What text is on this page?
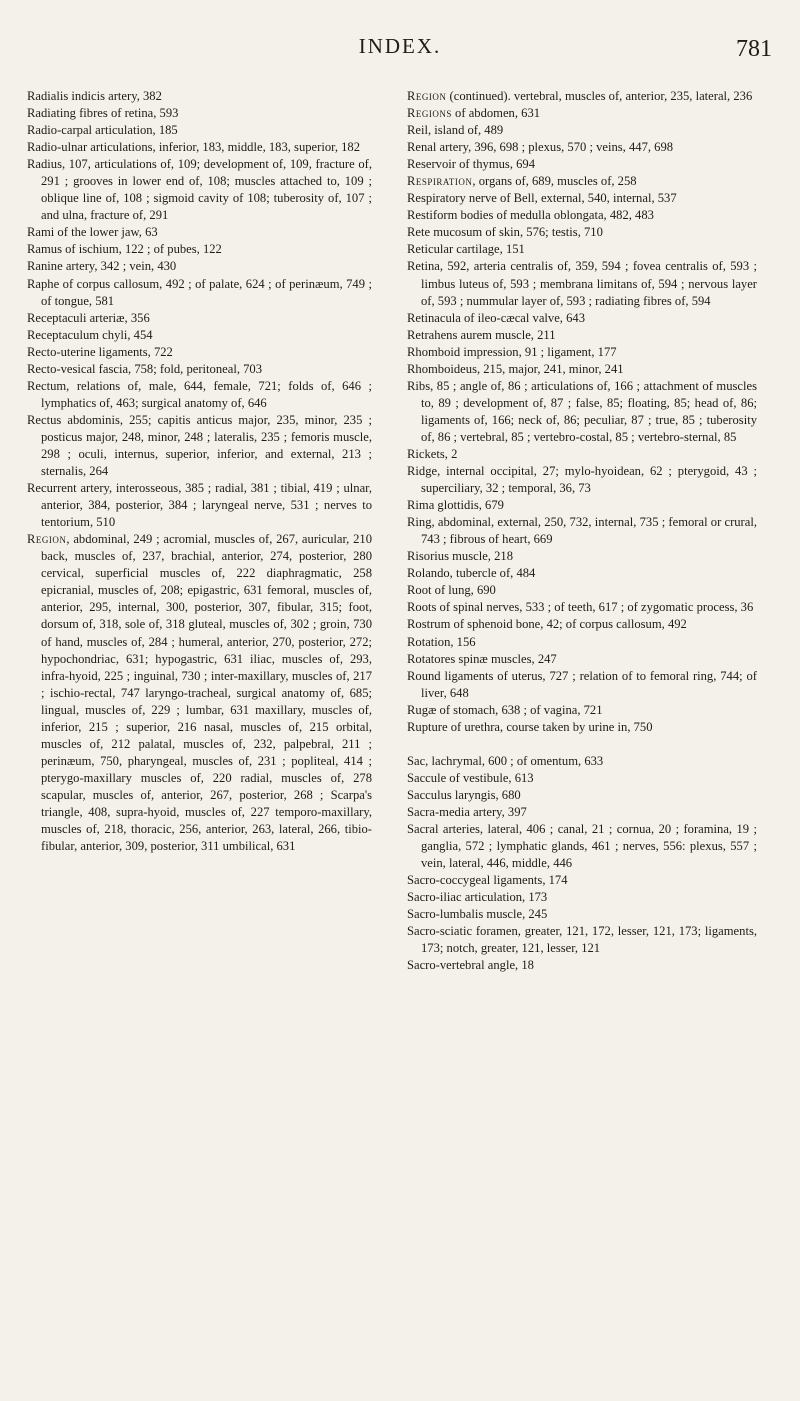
INDEX.	781

Radialis indicis artery, 382

Radiating fibres of retina, 593

Radio-carpal articulation, 185

Radio-ulnar articulations, inferior, 183, middle, 183, superior, 182

Radius, 107, articulations of, 109; development of, 109, fracture of, 291 ; grooves in lower end of, 108; muscles attached to, 109 ; oblique line of, 108 ; sigmoid cavity of 108; tuberosity of, 107 ; and ulna, fracture of, 291

Rami of the lower jaw, 63

Ramus of ischium, 122 ; of pubes, 122

Ranine artery, 342 ; vein, 430

Raphe of corpus callosum, 492 ; of palate, 624 ; of perinæum, 749 ; of tongue, 581

Receptaculi arteriæ, 356

Receptaculum chyli, 454

Recto-uterine ligaments, 722

Recto-vesical fascia, 758; fold, peritoneal, 703

Rectum, relations of, male, 644, female, 721; folds of, 646 ; lymphatics of, 463; surgical anatomy of, 646

Rectus abdominis, 255; capitis anticus major, 235, minor, 235 ; posticus major, 248, minor, 248 ; lateralis, 235 ; femoris muscle, 298 ; oculi, internus, superior, inferior, and external, 213 ; sternalis, 264

Recurrent artery, interosseous, 385 ; radial, 381 ; tibial, 419 ; ulnar, anterior, 384, posterior, 384 ; laryngeal nerve, 531 ; nerves to tentorium, 510

Region, abdominal, 249 ; acromial, muscles of, 267, auricular, 210 back, muscles of, 237, brachial, anterior, 274, posterior, 280 cervical, superficial muscles of, 222 diaphragmatic, 258 epicranial, muscles of, 208; epigastric, 631 femoral, muscles of, anterior, 295, internal, 300, posterior, 307, fibular, 315; foot, dorsum of, 318, sole of, 318 gluteal, muscles of, 302 ; groin, 730 of hand, muscles of, 284 ; humeral, anterior, 270, posterior, 272; hypochondriac, 631; hypogastric, 631 iliac, muscles of, 293, infra-hyoid, 225 ; inguinal, 730 ; inter-maxillary, muscles of, 217 ; ischio-rectal, 747 laryngo-tracheal, surgical anatomy of, 685; lingual, muscles of, 229 ; lumbar, 631 maxillary, muscles of, inferior, 215 ; superior, 216 nasal, muscles of, 215 orbital, muscles of, 212 palatal, muscles of, 232, palpebral, 211 ; perinæum, 750, pharyngeal, muscles of, 231 ; popliteal, 414 ; pterygo-maxillary muscles of, 220 radial, muscles of, 278 scapular, muscles of, anterior, 267, posterior, 268 ; Scarpa's triangle, 408, supra-hyoid, muscles of, 227 temporo-maxillary, muscles of, 218, thoracic, 256, anterior, 263, lateral, 266, tibio-fibular, anterior, 309, posterior, 311 umbilical, 631

Region (continued). vertebral, muscles of, anterior, 235, lateral, 236

Regions of abdomen, 631

Reil, island of, 489

Renal artery, 396, 698 ; plexus, 570 ; veins, 447, 698

Reservoir of thymus, 694

Respiration, organs of, 689, muscles of, 258

Respiratory nerve of Bell, external, 540, internal, 537

Restiform bodies of medulla oblongata, 482, 483

Rete mucosum of skin, 576; testis, 710

Reticular cartilage, 151

Retina, 592, arteria centralis of, 359, 594 ; fovea centralis of, 593 ; limbus luteus of, 593 ; membrana limitans of, 594 ; nervous layer of, 593 ; nummular layer of, 593 ; radiating fibres of, 594

Retinacula of ileo-cæcal valve, 643

Retrahens aurem muscle, 211

Rhomboid impression, 91 ; ligament, 177

Rhomboideus, 215, major, 241, minor, 241

Ribs, 85 ; angle of, 86 ; articulations of, 166 ; attachment of muscles to, 89 ; development of, 87 ; false, 85; floating, 85; head of, 86; ligaments of, 166; neck of, 86; peculiar, 87 ; true, 85 ; tuberosity of, 86 ; vertebral, 85 ; vertebro-costal, 85 ; vertebro-sternal, 85

Rickets, 2

Ridge, internal occipital, 27; mylo-hyoidean, 62 ; pterygoid, 43 ; superciliary, 32 ; temporal, 36, 73

Rima glottidis, 679

Ring, abdominal, external, 250, 732, internal, 735 ; femoral or crural, 743 ; fibrous of heart, 669

Risorius muscle, 218

Rolando, tubercle of, 484

Root of lung, 690

Roots of spinal nerves, 533 ; of teeth, 617 ; of zygomatic process, 36

Rostrum of sphenoid bone, 42; of corpus callosum, 492

Rotation, 156

Rotatores spinæ muscles, 247

Round ligaments of uterus, 727 ; relation of to femoral ring, 744; of liver, 648

Rugæ of stomach, 638 ; of vagina, 721

Rupture of urethra, course taken by urine in, 750

Sac, lachrymal, 600 ; of omentum, 633

Saccule of vestibule, 613

Sacculus laryngis, 680

Sacra-media artery, 397

Sacral arteries, lateral, 406 ; canal, 21 ; cornua, 20 ; foramina, 19 ; ganglia, 572 ; lymphatic glands, 461 ; nerves, 556: plexus, 557 ; vein, lateral, 446, middle, 446

Sacro-coccygeal ligaments, 174

Sacro-iliac articulation, 173

Sacro-lumbalis muscle, 245

Sacro-sciatic foramen, greater, 121, 172, lesser, 121, 173; ligaments, 173; notch, greater, 121, lesser, 121

Sacro-vertebral angle, 18
